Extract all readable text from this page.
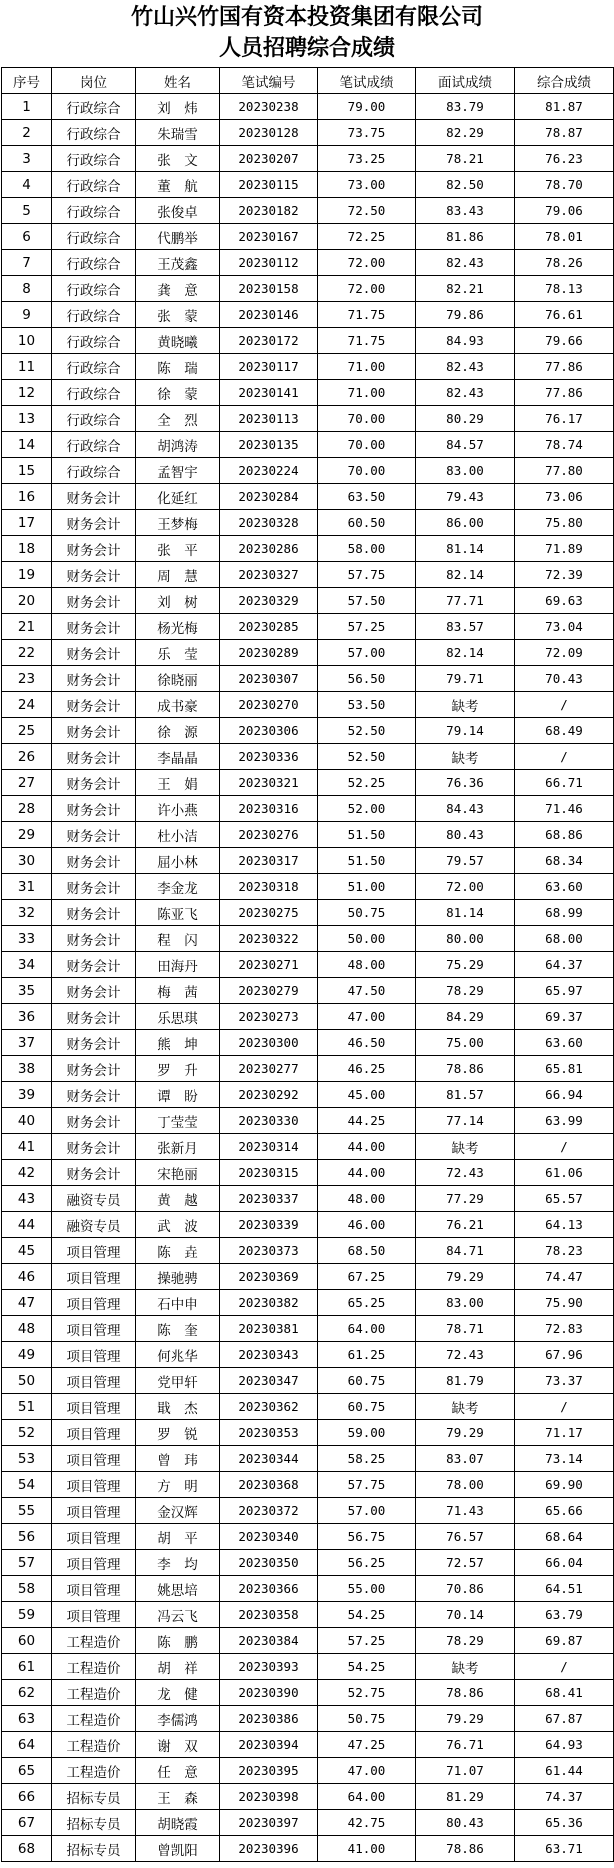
竹山兴竹国有资本投资集团有限公司
人员招聘综合成绩
序号	岗位	姓名	笔试编号	笔试成绩	面试成绩	综合成绩
1	行政综合	刘　炜	20230238	79.00	83.79	81.87
2	行政综合	朱瑞雪	20230128	73.75	82.29	78.87
3	行政综合	张　文	20230207	73.25	78.21	76.23
4	行政综合	董　航	20230115	73.00	82.50	78.70
5	行政综合	张俊卓	20230182	72.50	83.43	79.06
6	行政综合	代鹏举	20230167	72.25	81.86	78.01
7	行政综合	王茂鑫	20230112	72.00	82.43	78.26
8	行政综合	龚　意	20230158	72.00	82.21	78.13
9	行政综合	张　蒙	20230146	71.75	79.86	76.61
10	行政综合	黄晓曦	20230172	71.75	84.93	79.66
11	行政综合	陈　瑞	20230117	71.00	82.43	77.86
12	行政综合	徐　蒙	20230141	71.00	82.43	77.86
13	行政综合	全　烈	20230113	70.00	80.29	76.17
14	行政综合	胡鸿涛	20230135	70.00	84.57	78.74
15	行政综合	孟智宇	20230224	70.00	83.00	77.80
16	财务会计	化延红	20230284	63.50	79.43	73.06
17	财务会计	王梦梅	20230328	60.50	86.00	75.80
18	财务会计	张　平	20230286	58.00	81.14	71.89
19	财务会计	周　慧	20230327	57.75	82.14	72.39
20	财务会计	刘　树	20230329	57.50	77.71	69.63
21	财务会计	杨光梅	20230285	57.25	83.57	73.04
22	财务会计	乐　莹	20230289	57.00	82.14	72.09
23	财务会计	徐晓丽	20230307	56.50	79.71	70.43
24	财务会计	成书豪	20230270	53.50	缺考	/
25	财务会计	徐　源	20230306	52.50	79.14	68.49
26	财务会计	李晶晶	20230336	52.50	缺考	/
27	财务会计	王　娟	20230321	52.25	76.36	66.71
28	财务会计	许小燕	20230316	52.00	84.43	71.46
29	财务会计	杜小洁	20230276	51.50	80.43	68.86
30	财务会计	屈小林	20230317	51.50	79.57	68.34
31	财务会计	李金龙	20230318	51.00	72.00	63.60
32	财务会计	陈亚飞	20230275	50.75	81.14	68.99
33	财务会计	程　闪	20230322	50.00	80.00	68.00
34	财务会计	田海丹	20230271	48.00	75.29	64.37
35	财务会计	梅　茜	20230279	47.50	78.29	65.97
36	财务会计	乐思琪	20230273	47.00	84.29	69.37
37	财务会计	熊　坤	20230300	46.50	75.00	63.60
38	财务会计	罗　升	20230277	46.25	78.86	65.81
39	财务会计	谭　盼	20230292	45.00	81.57	66.94
40	财务会计	丁莹莹	20230330	44.25	77.14	63.99
41	财务会计	张新月	20230314	44.00	缺考	/
42	财务会计	宋艳丽	20230315	44.00	72.43	61.06
43	融资专员	黄　越	20230337	48.00	77.29	65.57
44	融资专员	武　波	20230339	46.00	76.21	64.13
45	项目管理	陈　垚	20230373	68.50	84.71	78.23
46	项目管理	操驰骋	20230369	67.25	79.29	74.47
47	项目管理	石中申	20230382	65.25	83.00	75.90
48	项目管理	陈　奎	20230381	64.00	78.71	72.83
49	项目管理	何兆华	20230343	61.25	72.43	67.96
50	项目管理	党甲轩	20230347	60.75	81.79	73.37
51	项目管理	戢　杰	20230362	60.75	缺考	/
52	项目管理	罗　锐	20230353	59.00	79.29	71.17
53	项目管理	曾　玮	20230344	58.25	83.07	73.14
54	项目管理	方　明	20230368	57.75	78.00	69.90
55	项目管理	金汉辉	20230372	57.00	71.43	65.66
56	项目管理	胡　平	20230340	56.75	76.57	68.64
57	项目管理	李　均	20230350	56.25	72.57	66.04
58	项目管理	姚思培	20230366	55.00	70.86	64.51
59	项目管理	冯云飞	20230358	54.25	70.14	63.79
60	工程造价	陈　鹏	20230384	57.25	78.29	69.87
61	工程造价	胡　祥	20230393	54.25	缺考	/
62	工程造价	龙　健	20230390	52.75	78.86	68.41
63	工程造价	李儒鸿	20230386	50.75	79.29	67.87
64	工程造价	谢　双	20230394	47.25	76.71	64.93
65	工程造价	任　意	20230395	47.00	71.07	61.44
66	招标专员	王　森	20230398	64.00	81.29	74.37
67	招标专员	胡晓霞	20230397	42.75	80.43	65.36
68	招标专员	曾凯阳	20230396	41.00	78.86	63.71
